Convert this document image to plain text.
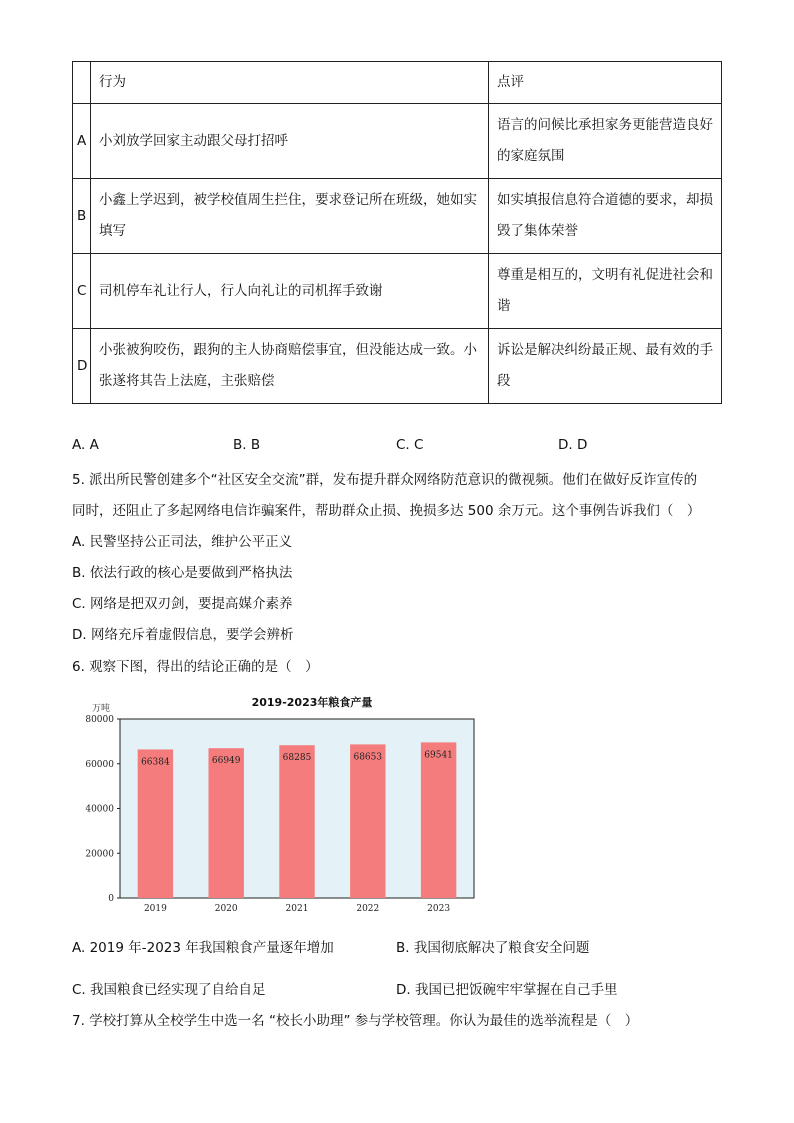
	行为	点评
A	小刘放学回家主动跟父母打招呼	语言的问候比承担家务更能营造良好的家庭氛围
B	小鑫上学迟到，被学校值周生拦住，要求登记所在班级，她如实填写	如实填报信息符合道德的要求，却损毁了集体荣誉
C	司机停车礼让行人，行人向礼让的司机挥手致谢	尊重是相互的，文明有礼促进社会和谐
D	小张被狗咬伤，跟狗的主人协商赔偿事宜，但没能达成一致。小张遂将其告上法庭，主张赔偿	诉讼是解决纠纷最正规、最有效的手段
A. A	B. B	C. C	D. D
5. 派出所民警创建多个“社区安全交流”群，发布提升群众网络防范意识的微视频。他们在做好反诈宣传的
同时，还阻止了多起网络电信诈骗案件，帮助群众止损、挽损多达 500 余万元。这个事例告诉我们（　）
A. 民警坚持公正司法，维护公平正义
B. 依法行政的核心是要做到严格执法
C. 网络是把双刃剑，要提高媒介素养
D. 网络充斥着虚假信息，要学会辨析
6. 观察下图，得出的结论正确的是（　）
2019-2023年粮食产量
万吨
66384	66949	68285	68653	69541
0
20000
40000
60000
80000
2019	2020	2021	2022	2023
A. 2019 年-2023 年我国粮食产量逐年增加	B. 我国彻底解决了粮食安全问题
C. 我国粮食已经实现了自给自足	D. 我国已把饭碗牢牢掌握在自己手里
7. 学校打算从全校学生中选一名 “校长小助理” 参与学校管理。你认为最佳的选举流程是（　）
